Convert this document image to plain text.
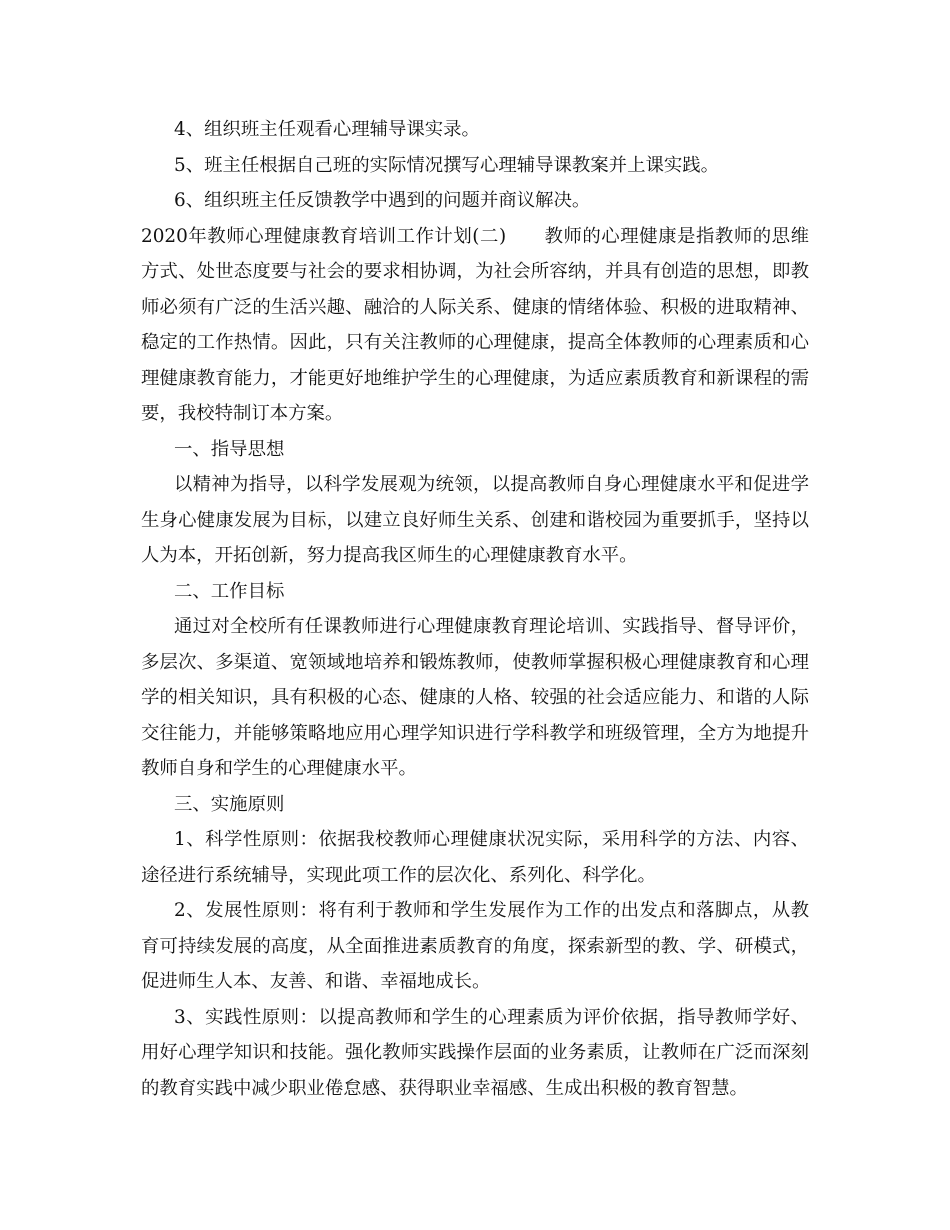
4、组织班主任观看心理辅导课实录。
5、班主任根据自己班的实际情况撰写心理辅导课教案并上课实践。
6、组织班主任反馈教学中遇到的问题并商议解决。
2020年教师心理健康教育培训工作计划(二)　　教师的心理健康是指教师的思维
方式、处世态度要与社会的要求相协调，为社会所容纳，并具有创造的思想，即教
师必须有广泛的生活兴趣、融洽的人际关系、健康的情绪体验、积极的进取精神、
稳定的工作热情。因此，只有关注教师的心理健康，提高全体教师的心理素质和心
理健康教育能力，才能更好地维护学生的心理健康，为适应素质教育和新课程的需
要，我校特制订本方案。
一、指导思想
以精神为指导，以科学发展观为统领，以提高教师自身心理健康水平和促进学
生身心健康发展为目标，以建立良好师生关系、创建和谐校园为重要抓手，坚持以
人为本，开拓创新，努力提高我区师生的心理健康教育水平。
二、工作目标
通过对全校所有任课教师进行心理健康教育理论培训、实践指导、督导评价，
多层次、多渠道、宽领域地培养和锻炼教师，使教师掌握积极心理健康教育和心理
学的相关知识，具有积极的心态、健康的人格、较强的社会适应能力、和谐的人际
交往能力，并能够策略地应用心理学知识进行学科教学和班级管理，全方为地提升
教师自身和学生的心理健康水平。
三、实施原则
1、科学性原则：依据我校教师心理健康状况实际，采用科学的方法、内容、
途径进行系统辅导，实现此项工作的层次化、系列化、科学化。
2、发展性原则：将有利于教师和学生发展作为工作的出发点和落脚点，从教
育可持续发展的高度，从全面推进素质教育的角度，探索新型的教、学、研模式，
促进师生人本、友善、和谐、幸福地成长。
3、实践性原则：以提高教师和学生的心理素质为评价依据，指导教师学好、
用好心理学知识和技能。强化教师实践操作层面的业务素质，让教师在广泛而深刻
的教育实践中减少职业倦怠感、获得职业幸福感、生成出积极的教育智慧。
